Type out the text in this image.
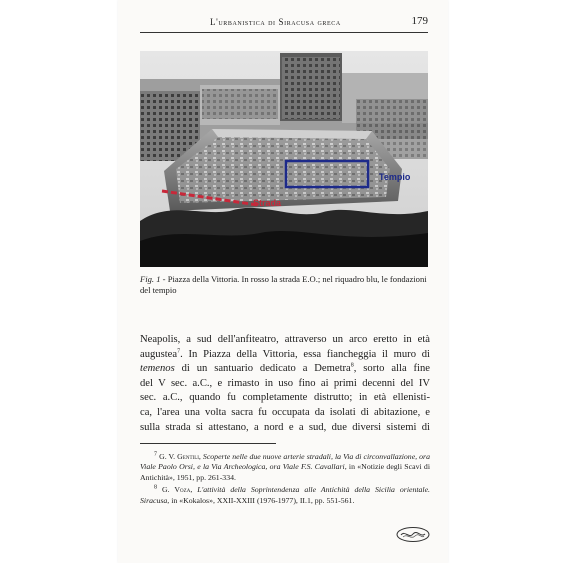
L'urbanistica di Siracusa greca	179
Strada
Tempio
Fig. 1 - Piazza della Vittoria. In rosso la strada E.O.; nel riquadro blu, le fondazioni del tempio
Neapolis, a sud dell'anfiteatro, attraverso un arco eretto in età
augustea$^7$. In Piazza della Vittoria, essa fiancheggia il muro di
temenos di un santuario dedicato a Demetra$^8$, sorto alla fine
del V sec. a.C., e rimasto in uso fino ai primi decenni del IV
sec. a.C., quando fu completamente distrutto; in età ellenisti-
ca, l'area una volta sacra fu occupata da isolati di abitazione, e
sulla strada si attestano, a nord e a sud, due diversi sistemi di
$^7$ G. V. Gentili, Scoperte nelle due nuove arterie stradali, la Via di circonvallazione, ora Viale Paolo Orsi, e la Via Archeologica, ora Viale F.S. Cavallari, in «Notizie degli Scavi di Antichità», 1951, pp. 261-334.
$^8$ G. Voza, L'attività della Soprintendenza alle Antichità della Sicilia orientale. Siracusa, in «Kokalos», XXII-XXIII (1976-1977), II.1, pp. 551-561.
